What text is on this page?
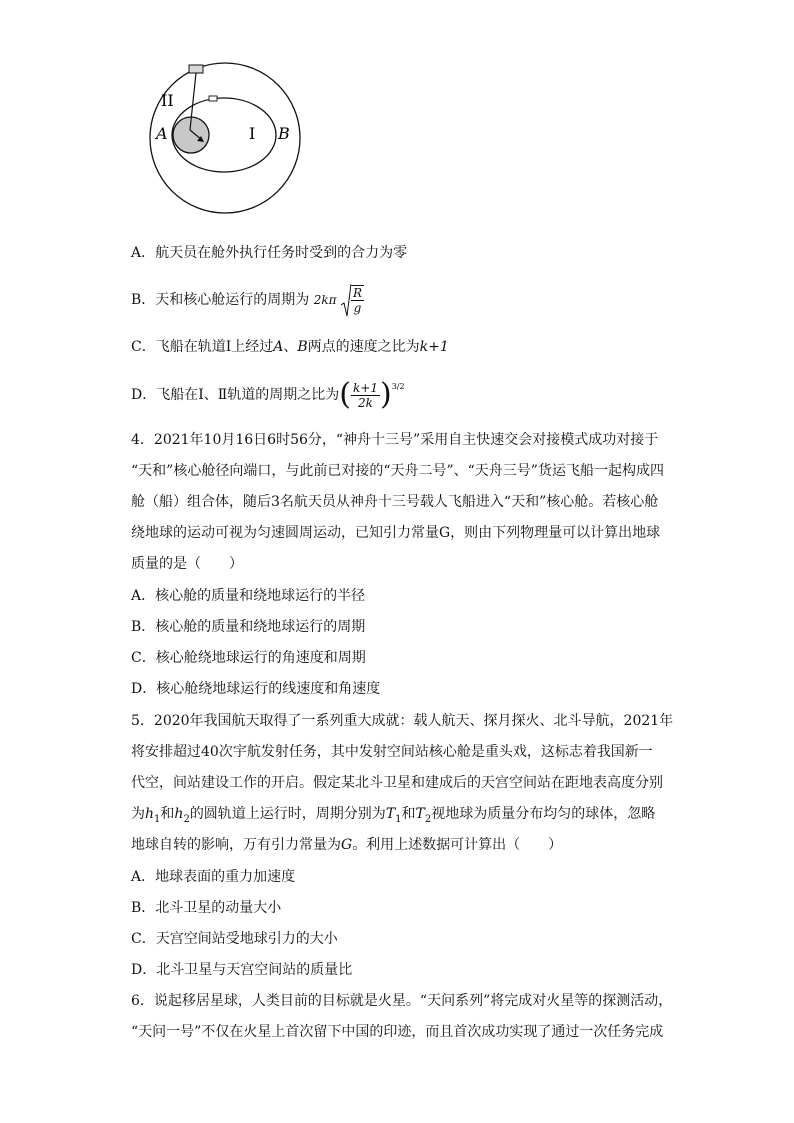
II
A	I B
A．航天员在舱外执行任务时受到的合力为零
B．天和核心舱运行的周期为 $2k\pi \frac{R}{g}$
C．飞船在轨道Ⅰ上经过A、B两点的速度之比为k+1
D．飞船在Ⅰ、Ⅱ轨道的周期之比为( $\frac{k+1}{2k} )^{3/2}$
4．2021年10月16日6时56分，“神舟十三号”采用自主快速交会对接模式成功对接于
“天和”核心舱径向端口，与此前已对接的“天舟二号”、“天舟三号”货运飞船一起构成四
舱（船）组合体，随后3名航天员从神舟十三号载人飞船进入“天和”核心舱。若核心舱
绕地球的运动可视为匀速圆周运动，已知引力常量G，则由下列物理量可以计算出地球
质量的是（　　）
A．核心舱的质量和绕地球运行的半径
B．核心舱的质量和绕地球运行的周期
C．核心舱绕地球运行的角速度和周期
D．核心舱绕地球运行的线速度和角速度
5．2020年我国航天取得了一系列重大成就：载人航天、探月探火、北斗导航，2021年
将安排超过40次宇航发射任务，其中发射空间站核心舱是重头戏，这标志着我国新一
代空，间站建设工作的开启。假定某北斗卫星和建成后的天宫空间站在距地表高度分别
为$h_1$和$h_2$的圆轨道上运行时，周期分别为$T_1$和$T_2$视地球为质量分布均匀的球体，忽略
地球自转的影响，万有引力常量为G。利用上述数据可计算出（　　）
A．地球表面的重力加速度
B．北斗卫星的动量大小
C．天宫空间站受地球引力的大小
D．北斗卫星与天宫空间站的质量比
6．说起移居星球，人类目前的目标就是火星。“天问系列”将完成对火星等的探测活动，
“天问一号”不仅在火星上首次留下中国的印迹，而且首次成功实现了通过一次任务完成
